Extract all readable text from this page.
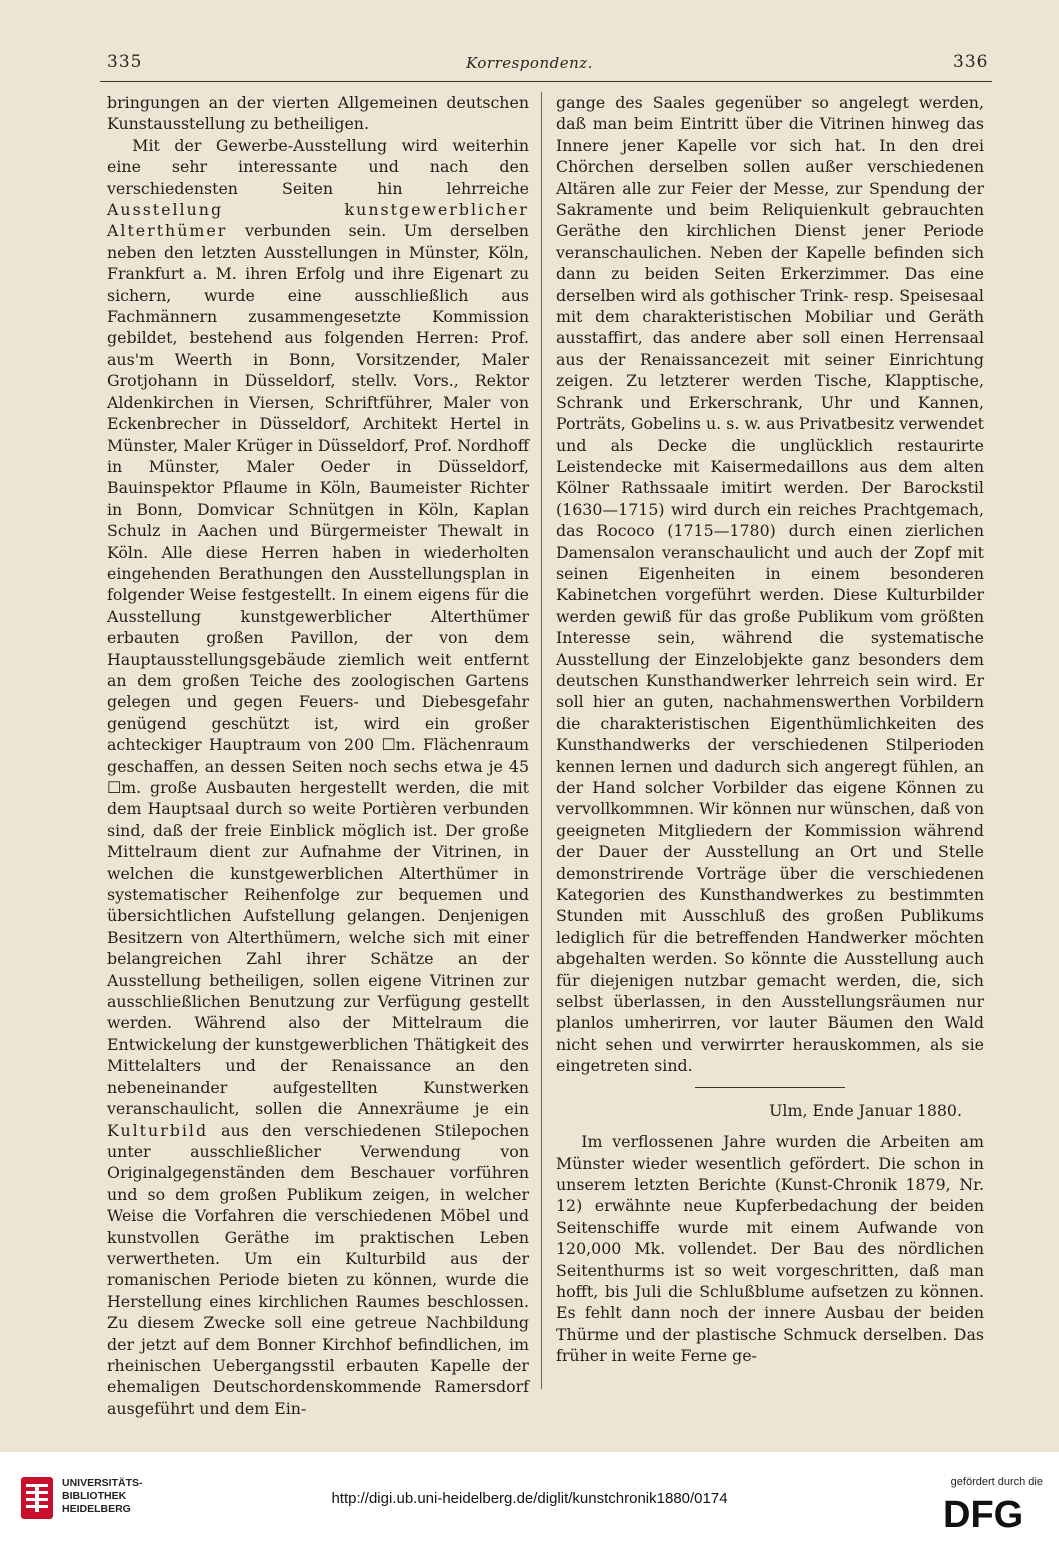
335	Korrespondenz.	336

bringungen an der vierten Allgemeinen deutschen Kunstausstellung zu betheiligen.

Mit der Gewerbe-Ausstellung wird weiterhin eine sehr interessante und nach den verschiedensten Seiten hin lehrreiche Ausstellung kunstgewerblicher Alterthümer verbunden sein. Um derselben neben den letzten Ausstellungen in Münster, Köln, Frankfurt a. M. ihren Erfolg und ihre Eigenart zu sichern, wurde eine ausschließlich aus Fachmännern zusammengesetzte Kommission gebildet, bestehend aus folgenden Herren: Prof. aus'm Weerth in Bonn, Vorsitzender, Maler Grotjohann in Düsseldorf, stellv. Vors., Rektor Aldenkirchen in Viersen, Schriftführer, Maler von Eckenbrecher in Düsseldorf, Architekt Hertel in Münster, Maler Krüger in Düsseldorf, Prof. Nordhoff in Münster, Maler Oeder in Düsseldorf, Bauinspektor Pflaume in Köln, Baumeister Richter in Bonn, Domvicar Schnütgen in Köln, Kaplan Schulz in Aachen und Bürgermeister Thewalt in Köln. Alle diese Herren haben in wiederholten eingehenden Berathungen den Ausstellungsplan in folgender Weise festgestellt. In einem eigens für die Ausstellung kunstgewerblicher Alterthümer erbauten großen Pavillon, der von dem Hauptausstellungsgebäude ziemlich weit entfernt an dem großen Teiche des zoologischen Gartens gelegen und gegen Feuers- und Diebesgefahr genügend geschützt ist, wird ein großer achteckiger Hauptraum von 200 ☐m. Flächenraum geschaffen, an dessen Seiten noch sechs etwa je 45 ☐m. große Ausbauten hergestellt werden, die mit dem Hauptsaal durch so weite Portièren verbunden sind, daß der freie Einblick möglich ist. Der große Mittelraum dient zur Aufnahme der Vitrinen, in welchen die kunstgewerblichen Alterthümer in systematischer Reihenfolge zur bequemen und übersichtlichen Aufstellung gelangen. Denjenigen Besitzern von Alterthümern, welche sich mit einer belangreichen Zahl ihrer Schätze an der Ausstellung betheiligen, sollen eigene Vitrinen zur ausschließlichen Benutzung zur Verfügung gestellt werden. Während also der Mittelraum die Entwickelung der kunstgewerblichen Thätigkeit des Mittelalters und der Renaissance an den nebeneinander aufgestellten Kunstwerken veranschaulicht, sollen die Annexräume je ein Kulturbild aus den verschiedenen Stilepochen unter ausschließlicher Verwendung von Originalgegenständen dem Beschauer vorführen und so dem großen Publikum zeigen, in welcher Weise die Vorfahren die verschiedenen Möbel und kunstvollen Geräthe im praktischen Leben verwertheten. Um ein Kulturbild aus der romanischen Periode bieten zu können, wurde die Herstellung eines kirchlichen Raumes beschlossen. Zu diesem Zwecke soll eine getreue Nachbildung der jetzt auf dem Bonner Kirchhof befindlichen, im rheinischen Uebergangsstil erbauten Kapelle der ehemaligen Deutschordenskommende Ramersdorf ausgeführt und dem Ein-

gange des Saales gegenüber so angelegt werden, daß man beim Eintritt über die Vitrinen hinweg das Innere jener Kapelle vor sich hat. In den drei Chörchen derselben sollen außer verschiedenen Altären alle zur Feier der Messe, zur Spendung der Sakramente und beim Reliquienkult gebrauchten Geräthe den kirchlichen Dienst jener Periode veranschaulichen. Neben der Kapelle befinden sich dann zu beiden Seiten Erkerzimmer. Das eine derselben wird als gothischer Trink- resp. Speisesaal mit dem charakteristischen Mobiliar und Geräth ausstaffirt, das andere aber soll einen Herrensaal aus der Renaissancezeit mit seiner Einrichtung zeigen. Zu letzterer werden Tische, Klapptische, Schrank und Erkerschrank, Uhr und Kannen, Porträts, Gobelins u. s. w. aus Privatbesitz verwendet und als Decke die unglücklich restaurirte Leistendecke mit Kaisermedaillons aus dem alten Kölner Rathssaale imitirt werden. Der Barockstil (1630—1715) wird durch ein reiches Prachtgemach, das Rococo (1715—1780) durch einen zierlichen Damensalon veranschaulicht und auch der Zopf mit seinen Eigenheiten in einem besonderen Kabinetchen vorgeführt werden. Diese Kulturbilder werden gewiß für das große Publikum vom größten Interesse sein, während die systematische Ausstellung der Einzelobjekte ganz besonders dem deutschen Kunsthandwerker lehrreich sein wird. Er soll hier an guten, nachahmenswerthen Vorbildern die charakteristischen Eigenthümlichkeiten des Kunsthandwerks der verschiedenen Stilperioden kennen lernen und dadurch sich angeregt fühlen, an der Hand solcher Vorbilder das eigene Können zu vervollkommnen. Wir können nur wünschen, daß von geeigneten Mitgliedern der Kommission während der Dauer der Ausstellung an Ort und Stelle demonstrirende Vorträge über die verschiedenen Kategorien des Kunsthandwerkes zu bestimmten Stunden mit Ausschluß des großen Publikums lediglich für die betreffenden Handwerker möchten abgehalten werden. So könnte die Ausstellung auch für diejenigen nutzbar gemacht werden, die, sich selbst überlassen, in den Ausstellungsräumen nur planlos umherirren, vor lauter Bäumen den Wald nicht sehen und verwirrter herauskommen, als sie eingetreten sind.

Ulm, Ende Januar 1880.

Im verflossenen Jahre wurden die Arbeiten am Münster wieder wesentlich gefördert. Die schon in unserem letzten Berichte (Kunst-Chronik 1879, Nr. 12) erwähnte neue Kupferbedachung der beiden Seitenschiffe wurde mit einem Aufwande von 120,000 Mk. vollendet. Der Bau des nördlichen Seitenthurms ist so weit vorgeschritten, daß man hofft, bis Juli die Schlußblume aufsetzen zu können. Es fehlt dann noch der innere Ausbau der beiden Thürme und der plastische Schmuck derselben. Das früher in weite Ferne ge-

UNIVERSITÄTS-
BIBLIOTHEK
HEIDELBERG
http://digi.ub.uni-heidelberg.de/diglit/kunstchronik1880/0174
gefördert durch die
DFG
